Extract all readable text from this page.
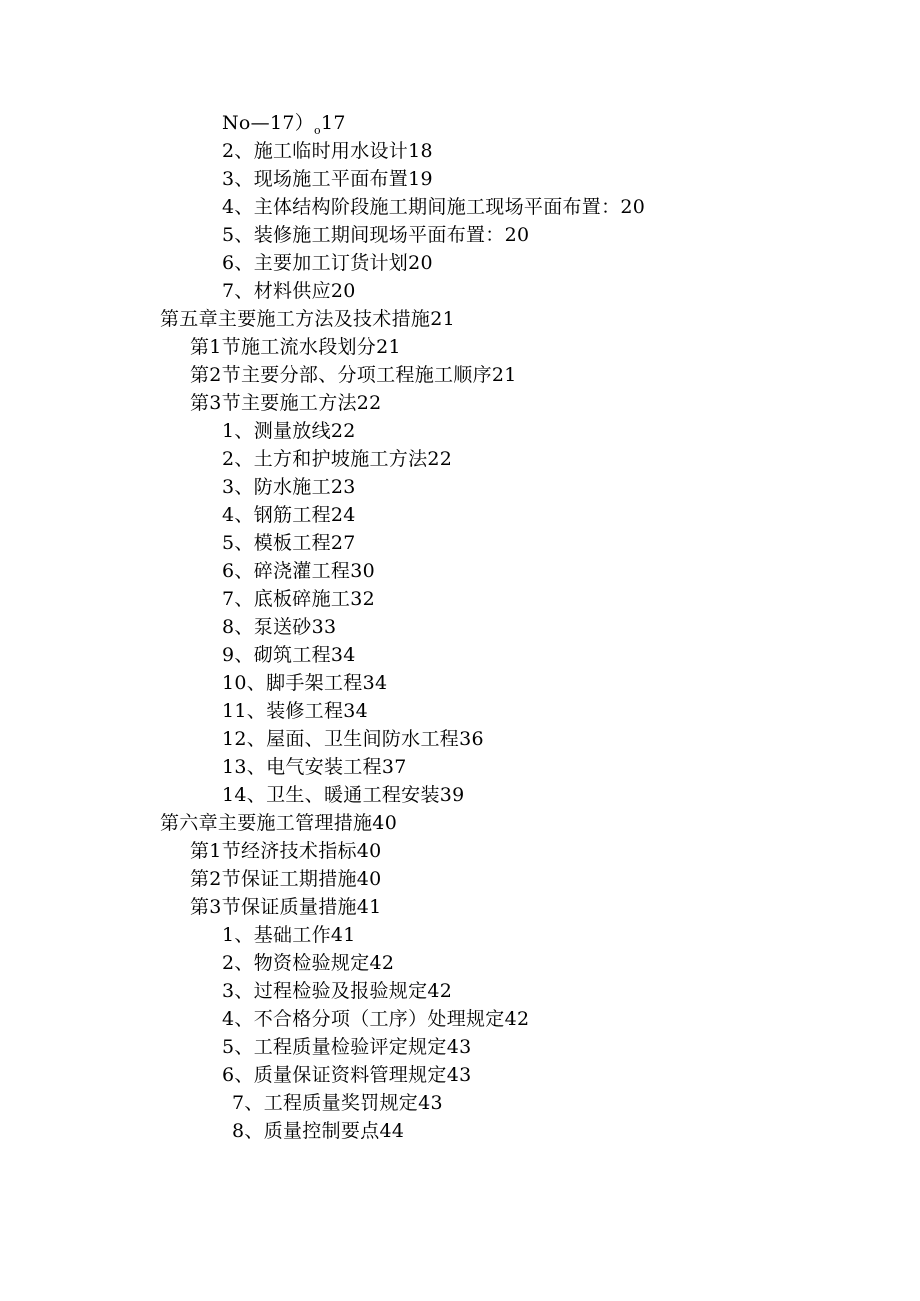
$No—17)_o17$
2、施工临时用水设计18
3、现场施工平面布置19
4、主体结构阶段施工期间施工现场平面布置：20
5、装修施工期间现场平面布置：20
6、主要加工订货计划20
7、材料供应20
第五章主要施工方法及技术措施21
第1节施工流水段划分21
第2节主要分部、分项工程施工顺序21
第3节主要施工方法22
1、测量放线22
2、土方和护坡施工方法22
3、防水施工23
4、钢筋工程24
5、模板工程27
6、碎浇灌工程30
7、底板碎施工32
8、泵送砂33
9、砌筑工程34
10、脚手架工程34
11、装修工程34
12、屋面、卫生间防水工程36
13、电气安装工程37
14、卫生、暖通工程安装39
第六章主要施工管理措施40
第1节经济技术指标40
第2节保证工期措施40
第3节保证质量措施41
1、基础工作41
2、物资检验规定42
3、过程检验及报验规定42
4、不合格分项（工序）处理规定42
5、工程质量检验评定规定43
6、质量保证资料管理规定43
7、工程质量奖罚规定43
8、质量控制要点44
